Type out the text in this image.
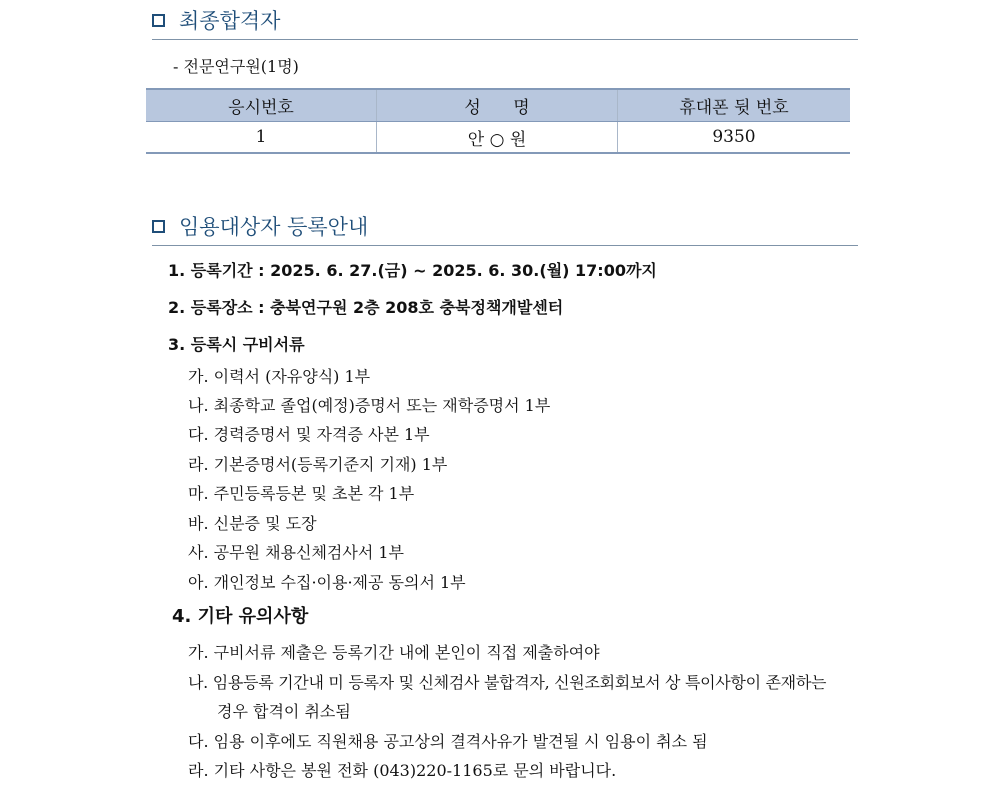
최종합격자
- 전문연구원(1명)
응시번호	성      명	휴대폰 뒷 번호
1	안 ○ 원	9350
임용대상자 등록안내
1. 등록기간 : 2025. 6. 27.(금) ~ 2025. 6. 30.(월) 17:00까지
2. 등록장소 : 충북연구원 2층 208호 충북정책개발센터
3. 등록시 구비서류
가. 이력서 (자유양식) 1부
나. 최종학교 졸업(예정)증명서 또는 재학증명서 1부
다. 경력증명서 및 자격증 사본 1부
라. 기본증명서(등록기준지 기재) 1부
마. 주민등록등본 및 초본 각 1부
바. 신분증 및 도장
사. 공무원 채용신체검사서 1부
아. 개인정보 수집·이용·제공 동의서 1부
4. 기타 유의사항
가. 구비서류 제출은 등록기간 내에 본인이 직접 제출하여야
나. 임용등록 기간내 미 등록자 및 신체검사 불합격자, 신원조회회보서 상 특이사항이 존재하는
경우 합격이 취소됨
다. 임용 이후에도 직원채용 공고상의 결격사유가 발견될 시 임용이 취소 됨
라. 기타 사항은 봉원 전화 (043)220-1165로 문의 바랍니다.
